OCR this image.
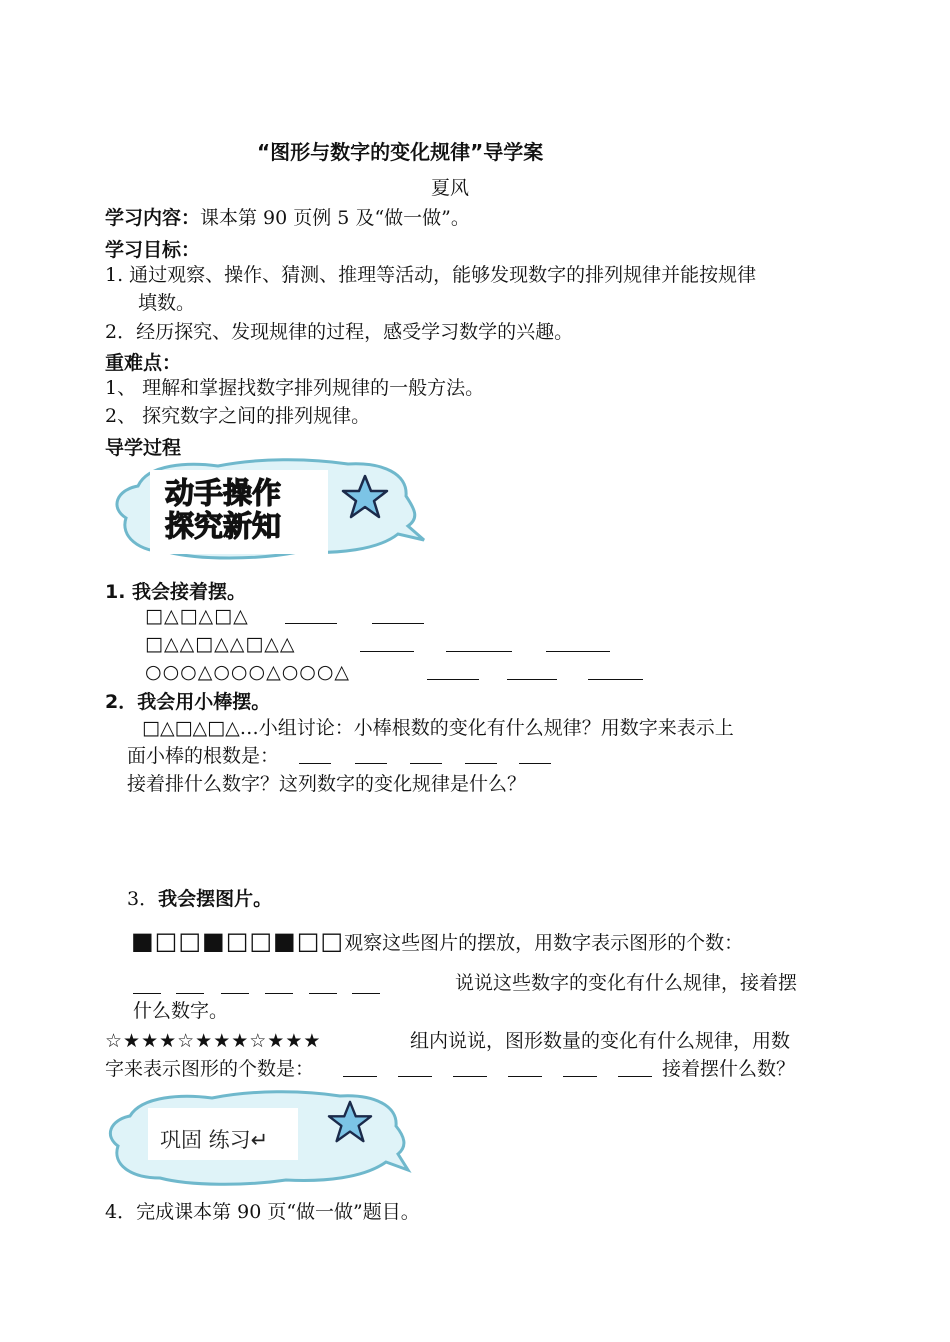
“图形与数字的变化规律”导学案
夏风
学习内容：课本第 90 页例 5 及“做一做”。
学习目标：
1. 通过观察、操作、猜测、推理等活动，能够发现数字的排列规律并能按规律
填数。
2．经历探究、发现规律的过程，感受学习数学的兴趣。
重难点：
1、 理解和掌握找数字排列规律的一般方法。
2、 探究数字之间的排列规律。
导学过程
动手操作
探究新知
1. 我会接着摆。
□△□△□△
□△△□△△□△△
○○○△○○○△○○○△
2．我会用小棒摆。
□△□△□△…小组讨论：小棒根数的变化有什么规律？用数字来表示上
面小棒的根数是：
接着排什么数字？这列数字的变化规律是什么？
3．我会摆图片。
■□□■□□■□□观察这些图片的摆放，用数字表示图形的个数：
说说这些数字的变化有什么规律，接着摆
什么数字。
☆★★★☆★★★☆★★★	组内说说，图形数量的变化有什么规律，用数
字来表示图形的个数是：	接着摆什么数？
巩固 练习↵
4．完成课本第 90 页“做一做”题目。
